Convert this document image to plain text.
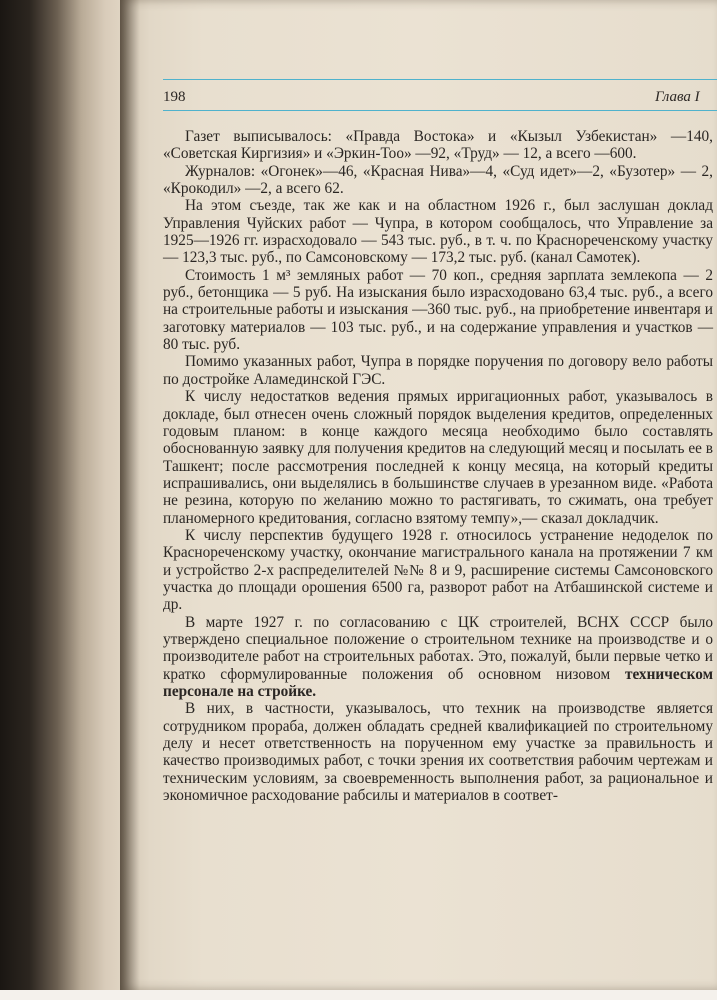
198	Глава I

Газет выписывалось: «Правда Востока» и «Кызыл Узбекистан» —140, «Советская Киргизия» и «Эркин-Тоо» —92, «Труд» — 12, а всего —600.

Журналов: «Огонек»—46, «Красная Нива»—4, «Суд идет»—2, «Бузотер» — 2, «Крокодил» —2, а всего 62.

На этом съезде, так же как и на областном 1926 г., был заслушан доклад Управления Чуйских работ — Чупра, в котором сообщалось, что Управление за 1925—1926 гг. израсходовало — 543 тыс. руб., в т. ч. по Краснореченскому участку — 123,3 тыс. руб., по Самсоновскому — 173,2 тыс. руб. (канал Самотек).

Стоимость 1 м³ земляных работ — 70 коп., средняя зарплата землекопа — 2 руб., бетонщика — 5 руб. На изыскания было израсходовано 63,4 тыс. руб., а всего на строительные работы и изыскания —360 тыс. руб., на приобретение инвентаря и заготовку материалов — 103 тыс. руб., и на содержание управления и участков — 80 тыс. руб.

Помимо указанных работ, Чупра в порядке поручения по договору вело работы по достройке Аламединской ГЭС.

К числу недостатков ведения прямых ирригационных работ, указывалось в докладе, был отнесен очень сложный порядок выделения кредитов, определенных годовым планом: в конце каждого месяца необходимо было составлять обоснованную заявку для получения кредитов на следующий месяц и посылать ее в Ташкент; после рассмотрения последней к концу месяца, на который кредиты испрашивались, они выделялись в большинстве случаев в урезанном виде. «Работа не резина, которую по желанию можно то растягивать, то сжимать, она требует планомерного кредитования, согласно взятому темпу»,— сказал докладчик.

К числу перспектив будущего 1928 г. относилось устранение недоделок по Краснореченскому участку, окончание магистрального канала на протяжении 7 км и устройство 2-х распределителей №№ 8 и 9, расширение системы Самсоновского участка до площади орошения 6500 га, разворот работ на Атбашинской системе и др.

В марте 1927 г. по согласованию с ЦК строителей, ВСНХ СССР было утверждено специальное положение о строительном технике на производстве и о производителе работ на строительных работах. Это, пожалуй, были первые четко и кратко сформулированные положения об основном низовом техническом персонале на стройке.

В них, в частности, указывалось, что техник на производстве является сотрудником прораба, должен обладать средней квалификацией по строительному делу и несет ответственность на порученном ему участке за правильность и качество производимых работ, с точки зрения их соответствия рабочим чертежам и техническим условиям, за своевременность выполнения работ, за рациональное и экономичное расходование рабсилы и материалов в соответ-
